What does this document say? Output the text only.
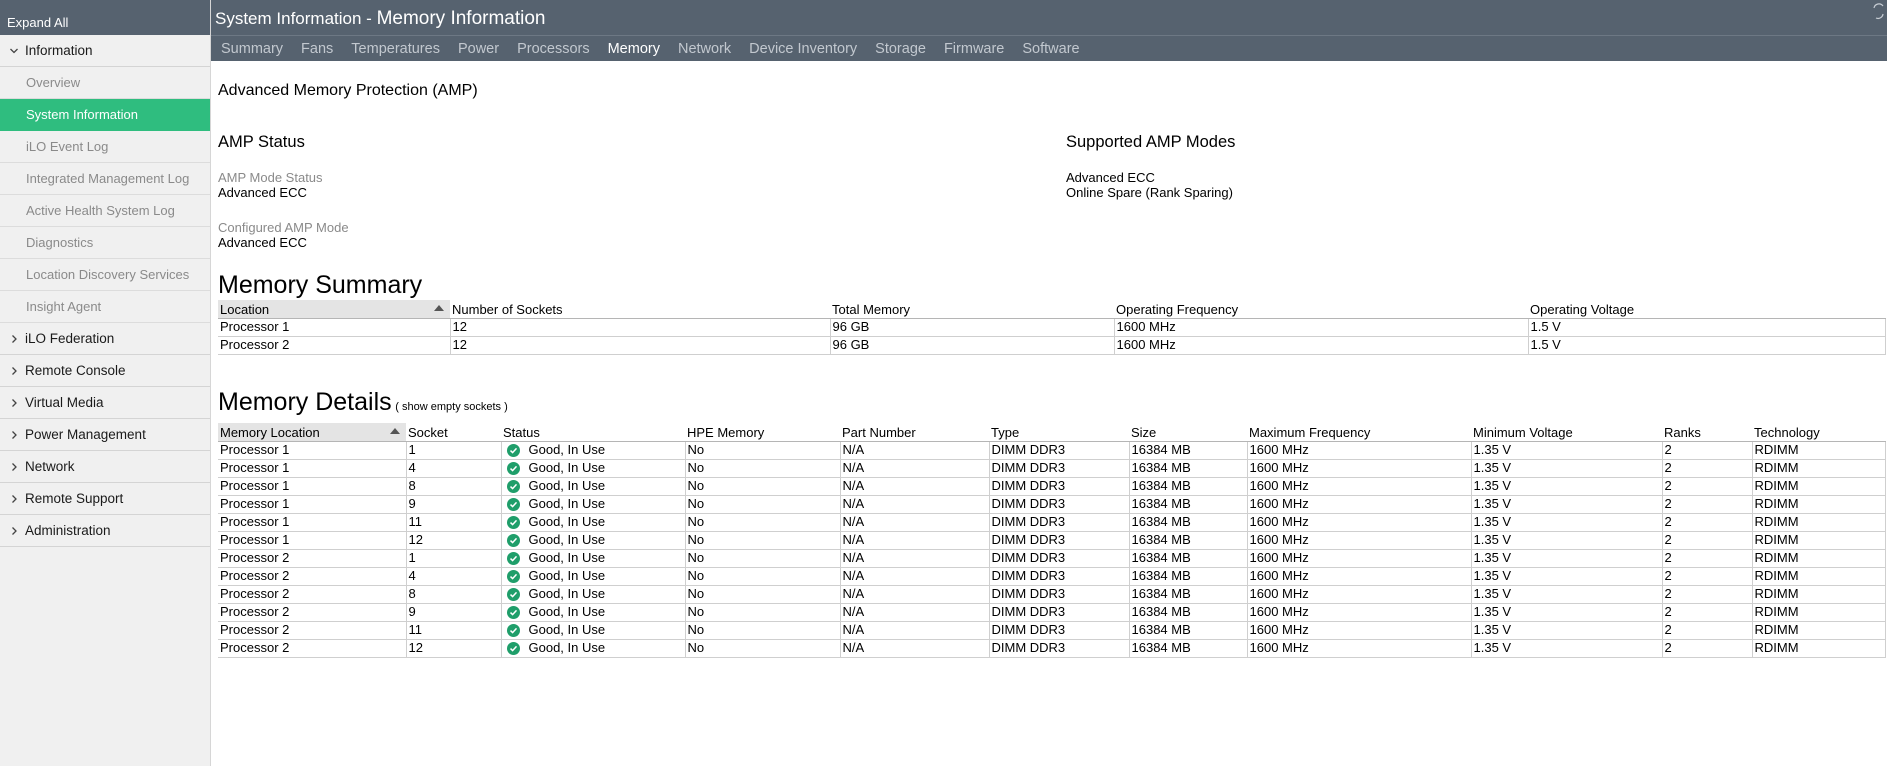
Expand All
Information
Overview
System Information
iLO Event Log
Integrated Management Log
Active Health System Log
Diagnostics
Location Discovery Services
Insight Agent
iLO Federation
Remote Console
Virtual Media
Power Management
Network
Remote Support
Administration
System Information - Memory Information
Summary Fans Temperatures Power Processors Memory Network Device Inventory Storage Firmware Software
Advanced Memory Protection (AMP)
AMP Status
AMP Mode Status
Advanced ECC
Configured AMP Mode
Advanced ECC
Supported AMP Modes
Advanced ECC
Online Spare (Rank Sparing)
Memory Summary
Location	Number of Sockets	Total Memory	Operating Frequency	Operating Voltage
Processor 1	12	96 GB	1600 MHz	1.5 V
Processor 2	12	96 GB	1600 MHz	1.5 V
Memory Details ( show empty sockets )
Memory Location	Socket	Status	HPE Memory	Part Number	Type	Size	Maximum Frequency	Minimum Voltage	Ranks	Technology
Processor 1	1	Good, In Use	No	N/A	DIMM DDR3	16384 MB	1600 MHz	1.35 V	2	RDIMM
Processor 1	4	Good, In Use	No	N/A	DIMM DDR3	16384 MB	1600 MHz	1.35 V	2	RDIMM
Processor 1	8	Good, In Use	No	N/A	DIMM DDR3	16384 MB	1600 MHz	1.35 V	2	RDIMM
Processor 1	9	Good, In Use	No	N/A	DIMM DDR3	16384 MB	1600 MHz	1.35 V	2	RDIMM
Processor 1	11	Good, In Use	No	N/A	DIMM DDR3	16384 MB	1600 MHz	1.35 V	2	RDIMM
Processor 1	12	Good, In Use	No	N/A	DIMM DDR3	16384 MB	1600 MHz	1.35 V	2	RDIMM
Processor 2	1	Good, In Use	No	N/A	DIMM DDR3	16384 MB	1600 MHz	1.35 V	2	RDIMM
Processor 2	4	Good, In Use	No	N/A	DIMM DDR3	16384 MB	1600 MHz	1.35 V	2	RDIMM
Processor 2	8	Good, In Use	No	N/A	DIMM DDR3	16384 MB	1600 MHz	1.35 V	2	RDIMM
Processor 2	9	Good, In Use	No	N/A	DIMM DDR3	16384 MB	1600 MHz	1.35 V	2	RDIMM
Processor 2	11	Good, In Use	No	N/A	DIMM DDR3	16384 MB	1600 MHz	1.35 V	2	RDIMM
Processor 2	12	Good, In Use	No	N/A	DIMM DDR3	16384 MB	1600 MHz	1.35 V	2	RDIMM
